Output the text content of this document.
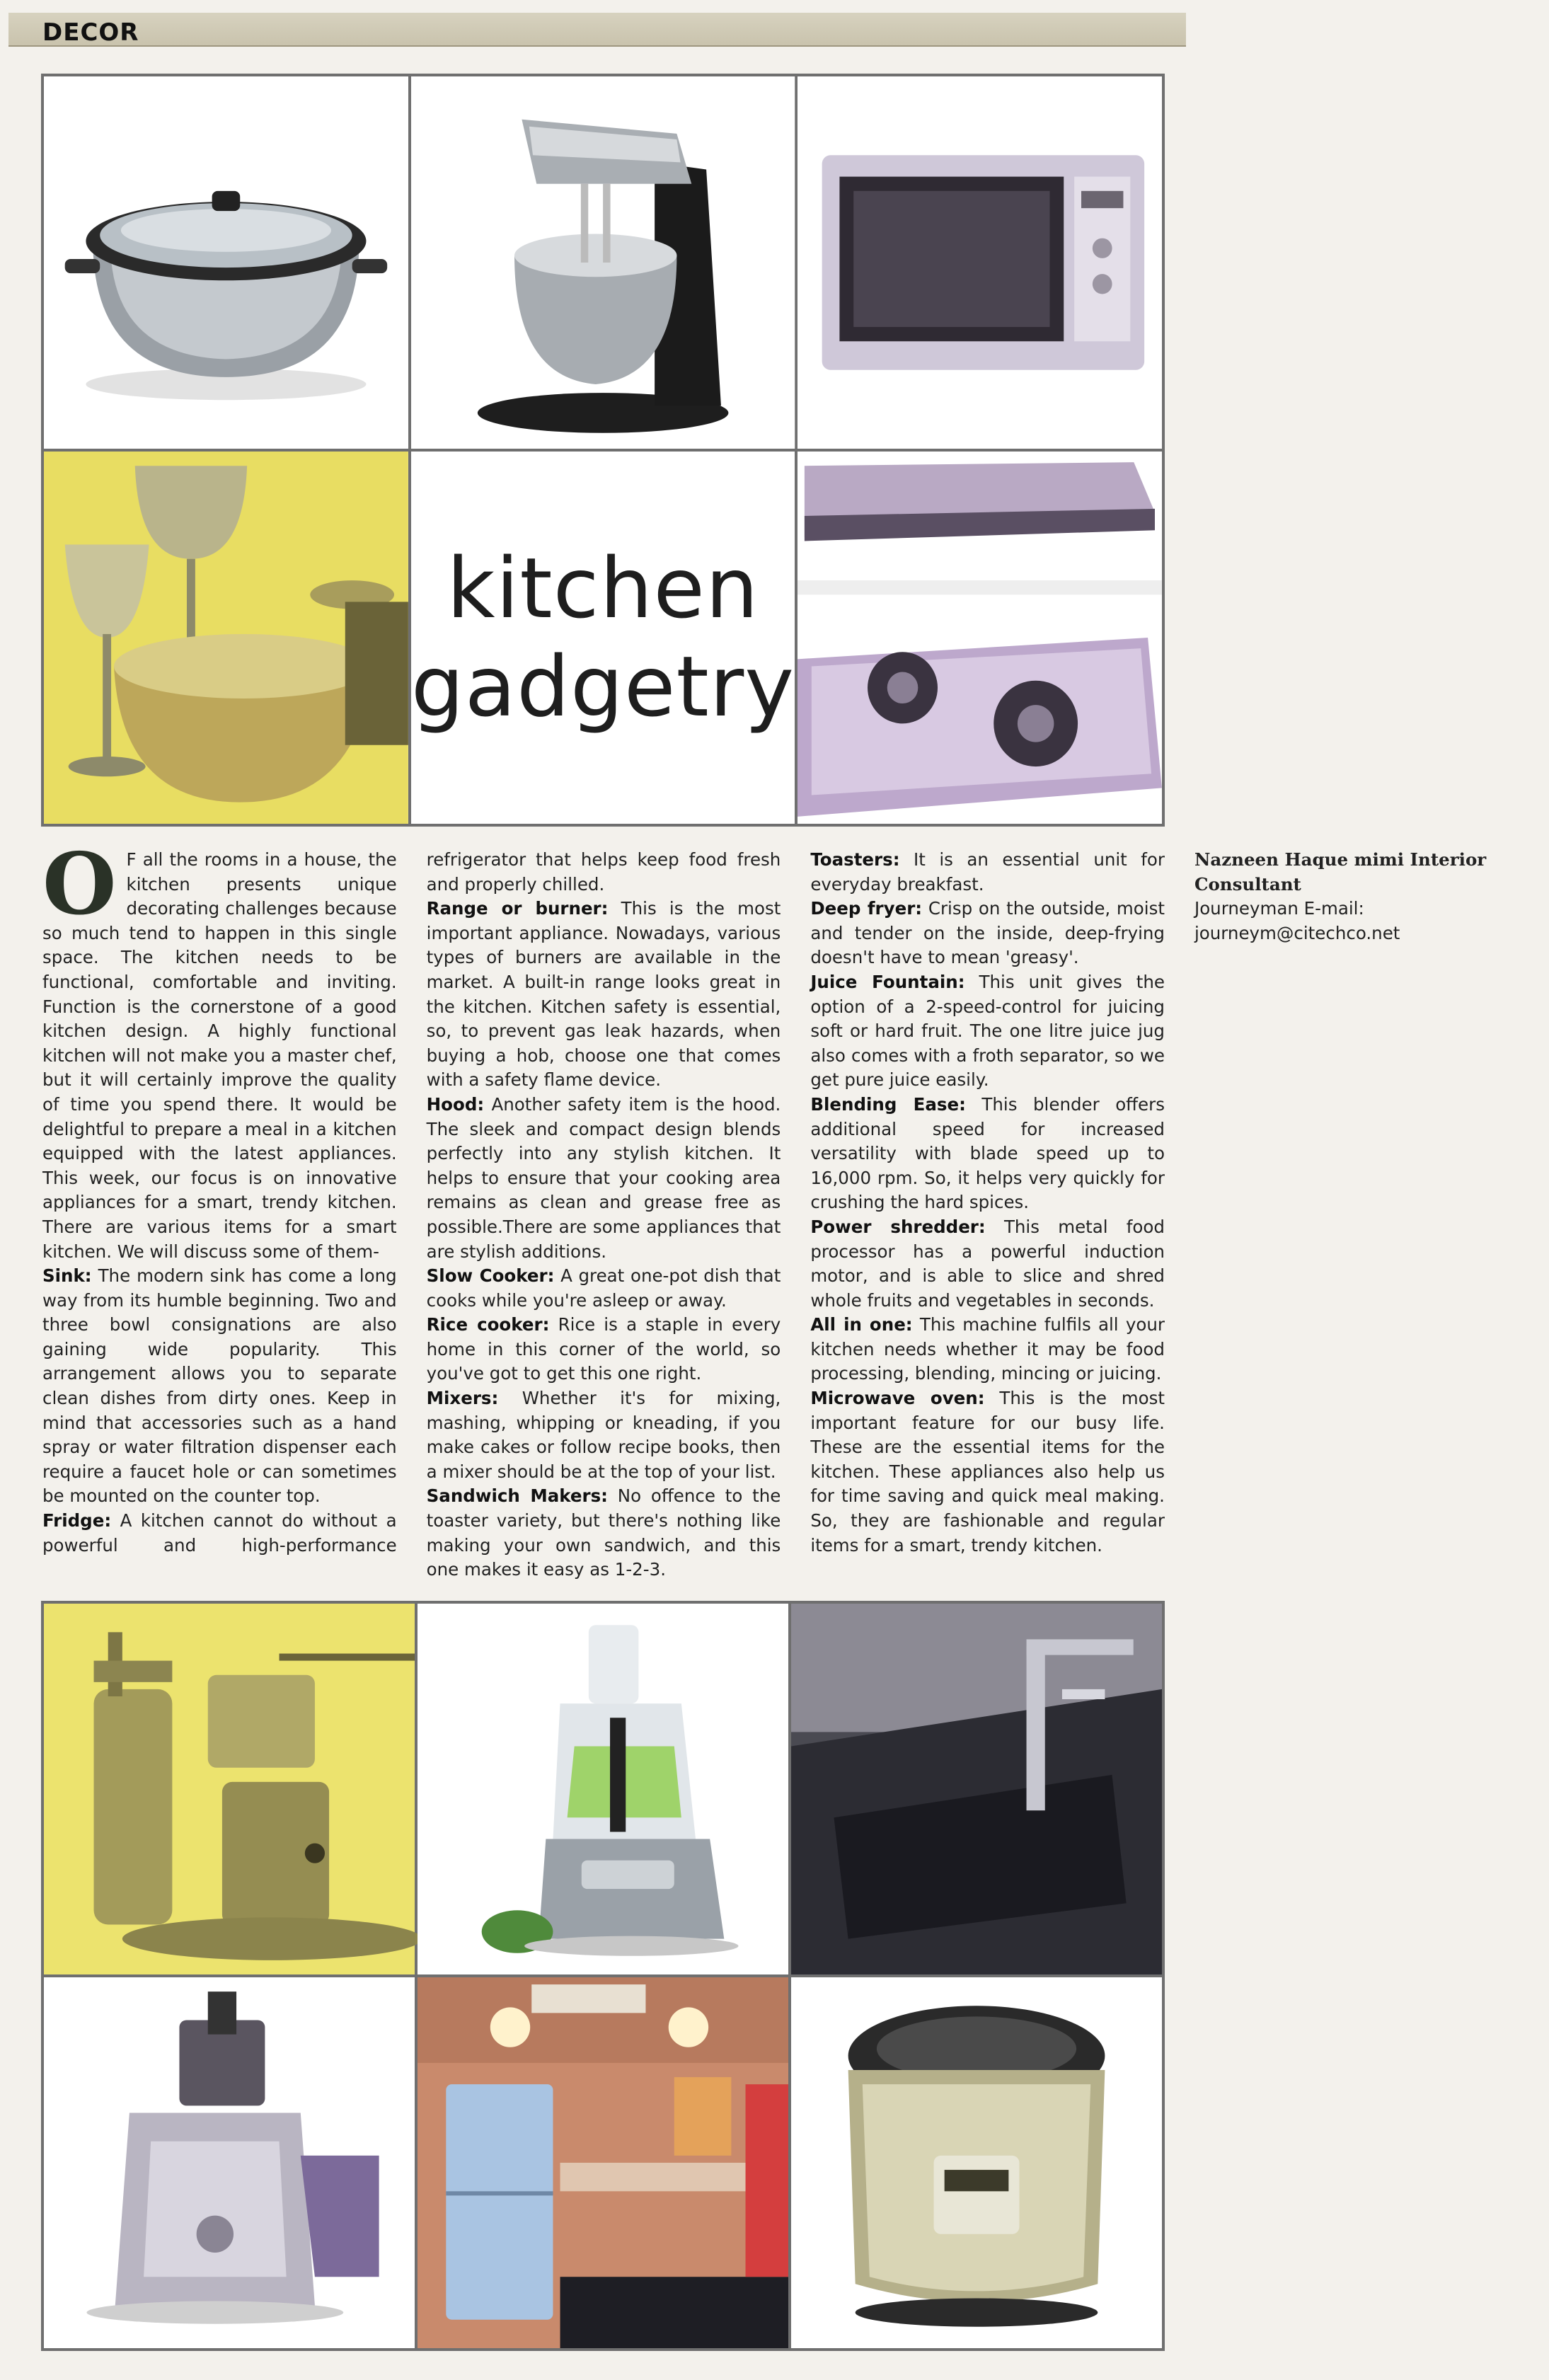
DECOR
kitchen
gadgetry

O F all the rooms in a house, the kitchen presents unique decorating challenges because so much tend to happen in this single space. The kitchen needs to be functional, comfortable and inviting. Function is the cornerstone of a good kitchen design. A highly functional kitchen will not make you a master chef, but it will certainly improve the quality of time you spend there. It would be delightful to prepare a meal in a kitchen equipped with the latest appliances. This week, our focus is on innovative appliances for a smart, trendy kitchen. There are various items for a smart kitchen. We will discuss some of them-

Sink: The modern sink has come a long way from its humble beginning. Two and three bowl consignations are also gaining wide popularity. This arrangement allows you to separate clean dishes from dirty ones. Keep in mind that accessories such as a hand spray or water filtration dispenser each require a faucet hole or can sometimes be mounted on the counter top.

Fridge: A kitchen cannot do without a powerful and high-performance refrigerator that helps keep food fresh and properly chilled.

Range or burner: This is the most important appliance. Nowadays, various types of burners are available in the market. A built-in range looks great in the kitchen. Kitchen safety is essential, so, to prevent gas leak hazards, when buying a hob, choose one that comes with a safety flame device.

Hood: Another safety item is the hood. The sleek and compact design blends perfectly into any stylish kitchen. It helps to ensure that your cooking area remains as clean and grease free as possible.There are some appliances that are stylish additions.

Slow Cooker: A great one-pot dish that cooks while you're asleep or away.

Rice cooker: Rice is a staple in every home in this corner of the world, so you've got to get this one right.

Mixers: Whether it's for mixing, mashing, whipping or kneading, if you make cakes or follow recipe books, then a mixer should be at the top of your list.

Sandwich Makers: No offence to the toaster variety, but there's nothing like making your own sandwich, and this one makes it easy as 1-2-3.

Toasters: It is an essential unit for everyday breakfast.

Deep fryer: Crisp on the outside, moist and tender on the inside, deep-frying doesn't have to mean 'greasy'.

Juice Fountain: This unit gives the option of a 2-speed-control for juicing soft or hard fruit. The one litre juice jug also comes with a froth separator, so we get pure juice easily.

Blending Ease: This blender offers additional speed for increased versatility with blade speed up to 16,000 rpm. So, it helps very quickly for crushing the hard spices.

Power shredder: This metal food processor has a powerful induction motor, and is able to slice and shred whole fruits and vegetables in seconds.

All in one: This machine fulfils all your kitchen needs whether it may be food processing, blending, mincing or juicing.

Microwave oven: This is the most important feature for our busy life. These are the essential items for the kitchen. These appliances also help us for time saving and quick meal making. So, they are fashionable and regular items for a smart, trendy kitchen.

Nazneen Haque mimi Interior Consultant

Journeyman E-mail: journeym@citechco.net
